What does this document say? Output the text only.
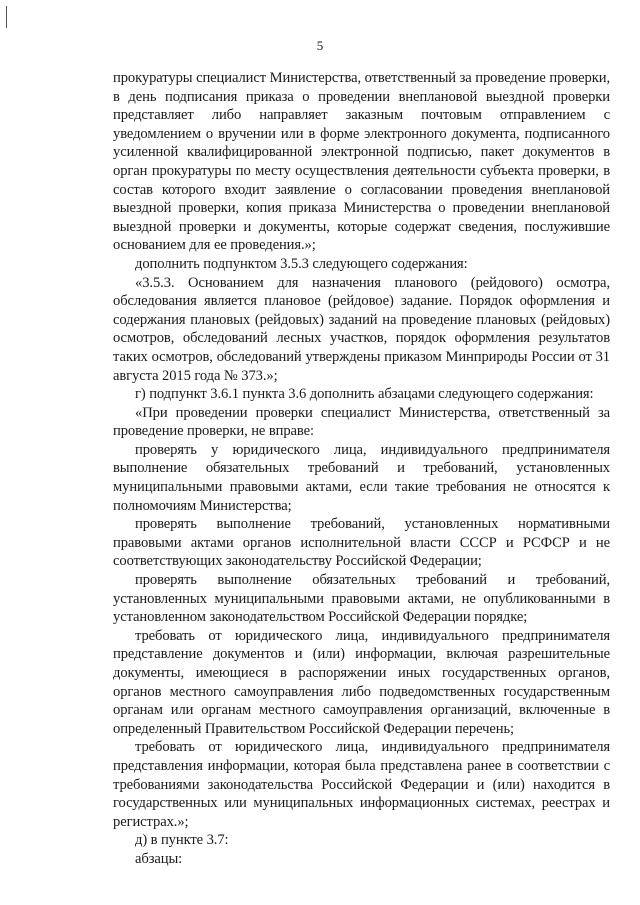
5

прокуратуры специалист Министерства, ответственный за проведение проверки, в день подписания приказа о проведении внеплановой выездной проверки представляет либо направляет заказным почтовым отправлением с уведомлением о вручении или в форме электронного документа, подписанного усиленной квалифицированной электронной подписью, пакет документов в орган прокуратуры по месту осуществления деятельности субъекта проверки, в состав которого входит заявление о согласовании проведения внеплановой выездной проверки, копия приказа Министерства о проведении внеплановой выездной проверки и документы, которые содержат сведения, послужившие основанием для ее проведения.»;

дополнить подпунктом 3.5.3 следующего содержания:

«3.5.3. Основанием для назначения планового (рейдового) осмотра, обследования является плановое (рейдовое) задание. Порядок оформления и содержания плановых (рейдовых) заданий на проведение плановых (рейдовых) осмотров, обследований лесных участков, порядок оформления результатов таких осмотров, обследований утверждены приказом Минприроды России от 31 августа 2015 года № 373.»;

г) подпункт 3.6.1 пункта 3.6 дополнить абзацами следующего содержания:

«При проведении проверки специалист Министерства, ответственный за проведение проверки, не вправе:

проверять у юридического лица, индивидуального предпринимателя выполнение обязательных требований и требований, установленных муниципальными правовыми актами, если такие требования не относятся к полномочиям Министерства;

проверять выполнение требований, установленных нормативными правовыми актами органов исполнительной власти СССР и РСФСР и не соответствующих законодательству Российской Федерации;

проверять выполнение обязательных требований и требований, установленных муниципальными правовыми актами, не опубликованными в установленном законодательством Российской Федерации порядке;

требовать от юридического лица, индивидуального предпринимателя представление документов и (или) информации, включая разрешительные документы, имеющиеся в распоряжении иных государственных органов, органов местного самоуправления либо подведомственных государственным органам или органам местного самоуправления организаций, включенные в определенный Правительством Российской Федерации перечень;

требовать от юридического лица, индивидуального предпринимателя представления информации, которая была представлена ранее в соответствии с требованиями законодательства Российской Федерации и (или) находится в государственных или муниципальных информационных системах, реестрах и регистрах.»;

д) в пункте 3.7:

абзацы:
